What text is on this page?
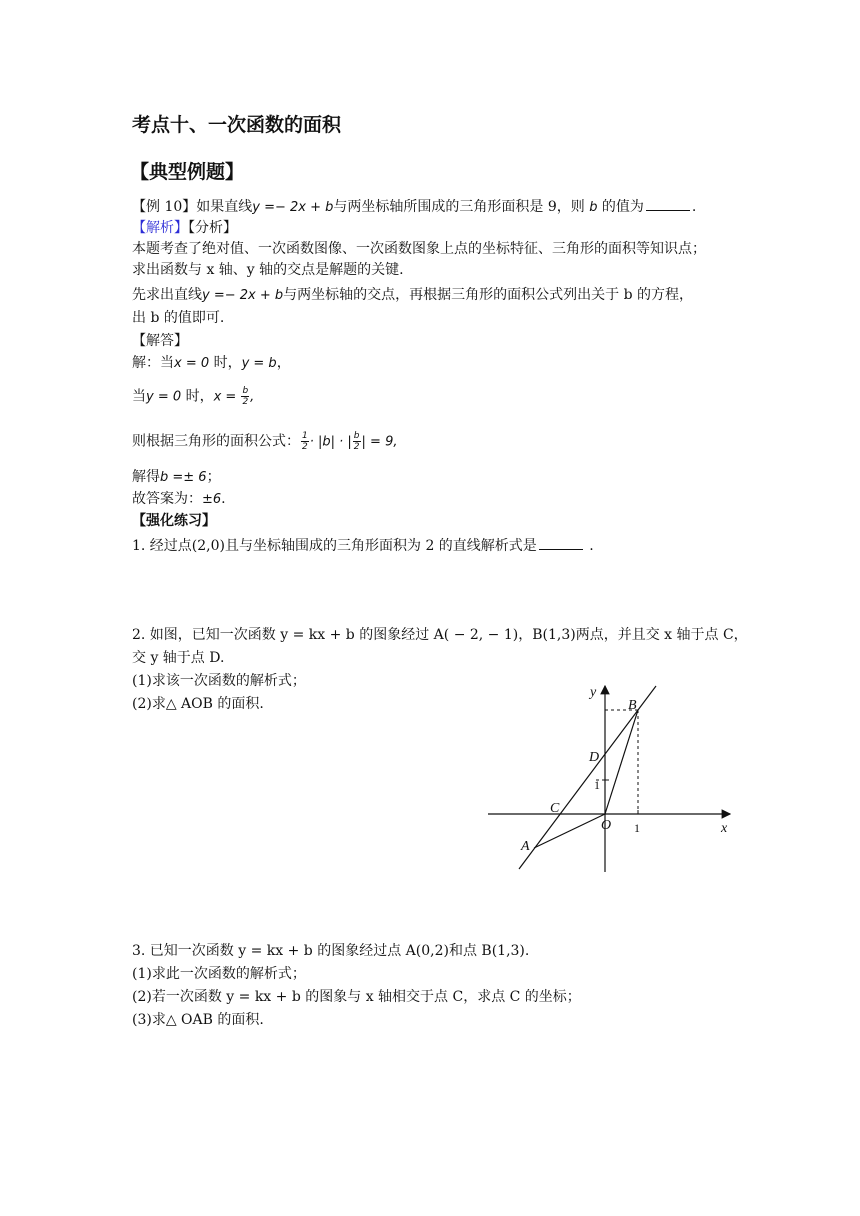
考点十、一次函数的面积
【典型例题】
【例 10】如果直线y =− 2x + b与两坐标轴所围成的三角形面积是 9，则 b 的值为	.
【解析】【分析】
本题考查了绝对值、一次函数图像、一次函数图象上点的坐标特征、三角形的面积等知识点；
求出函数与 x 轴、y 轴的交点是解题的关键.
先求出直线y =− 2x + b与两坐标轴的交点，再根据三角形的面积公式列出关于 b 的方程，
出 b 的值即可.
【解答】
解：当x = 0 时，y = b，
当y = 0 时，$x = \frac{b}{2}$ ,
则根据三角形的面积公式： $\frac{1}{2} \cdot |b|$ · | $\frac{b}{2}$ | = 9,
解得b =± 6；
故答案为：±6.
【强化练习】
1. 经过点(2,0)且与坐标轴围成的三角形面积为 2 的直线解析式是	.
2. 如图，已知一次函数 y = kx + b 的图象经过 A( − 2, − 1)，B(1,3)两点，并且交 x 轴于点 C，
交 y 轴于点 D.
(1)求该一次函数的解析式；
(2)求△ AOB 的面积.
3. 已知一次函数 y = kx + b 的图象经过点 A(0,2)和点 B(1,3).
(1)求此一次函数的解析式；
(2)若一次函数 y = kx + b 的图象与 x 轴相交于点 C，求点 C 的坐标；
(3)求△ OAB 的面积.
y
x
B
D
C
O
A
1
1
